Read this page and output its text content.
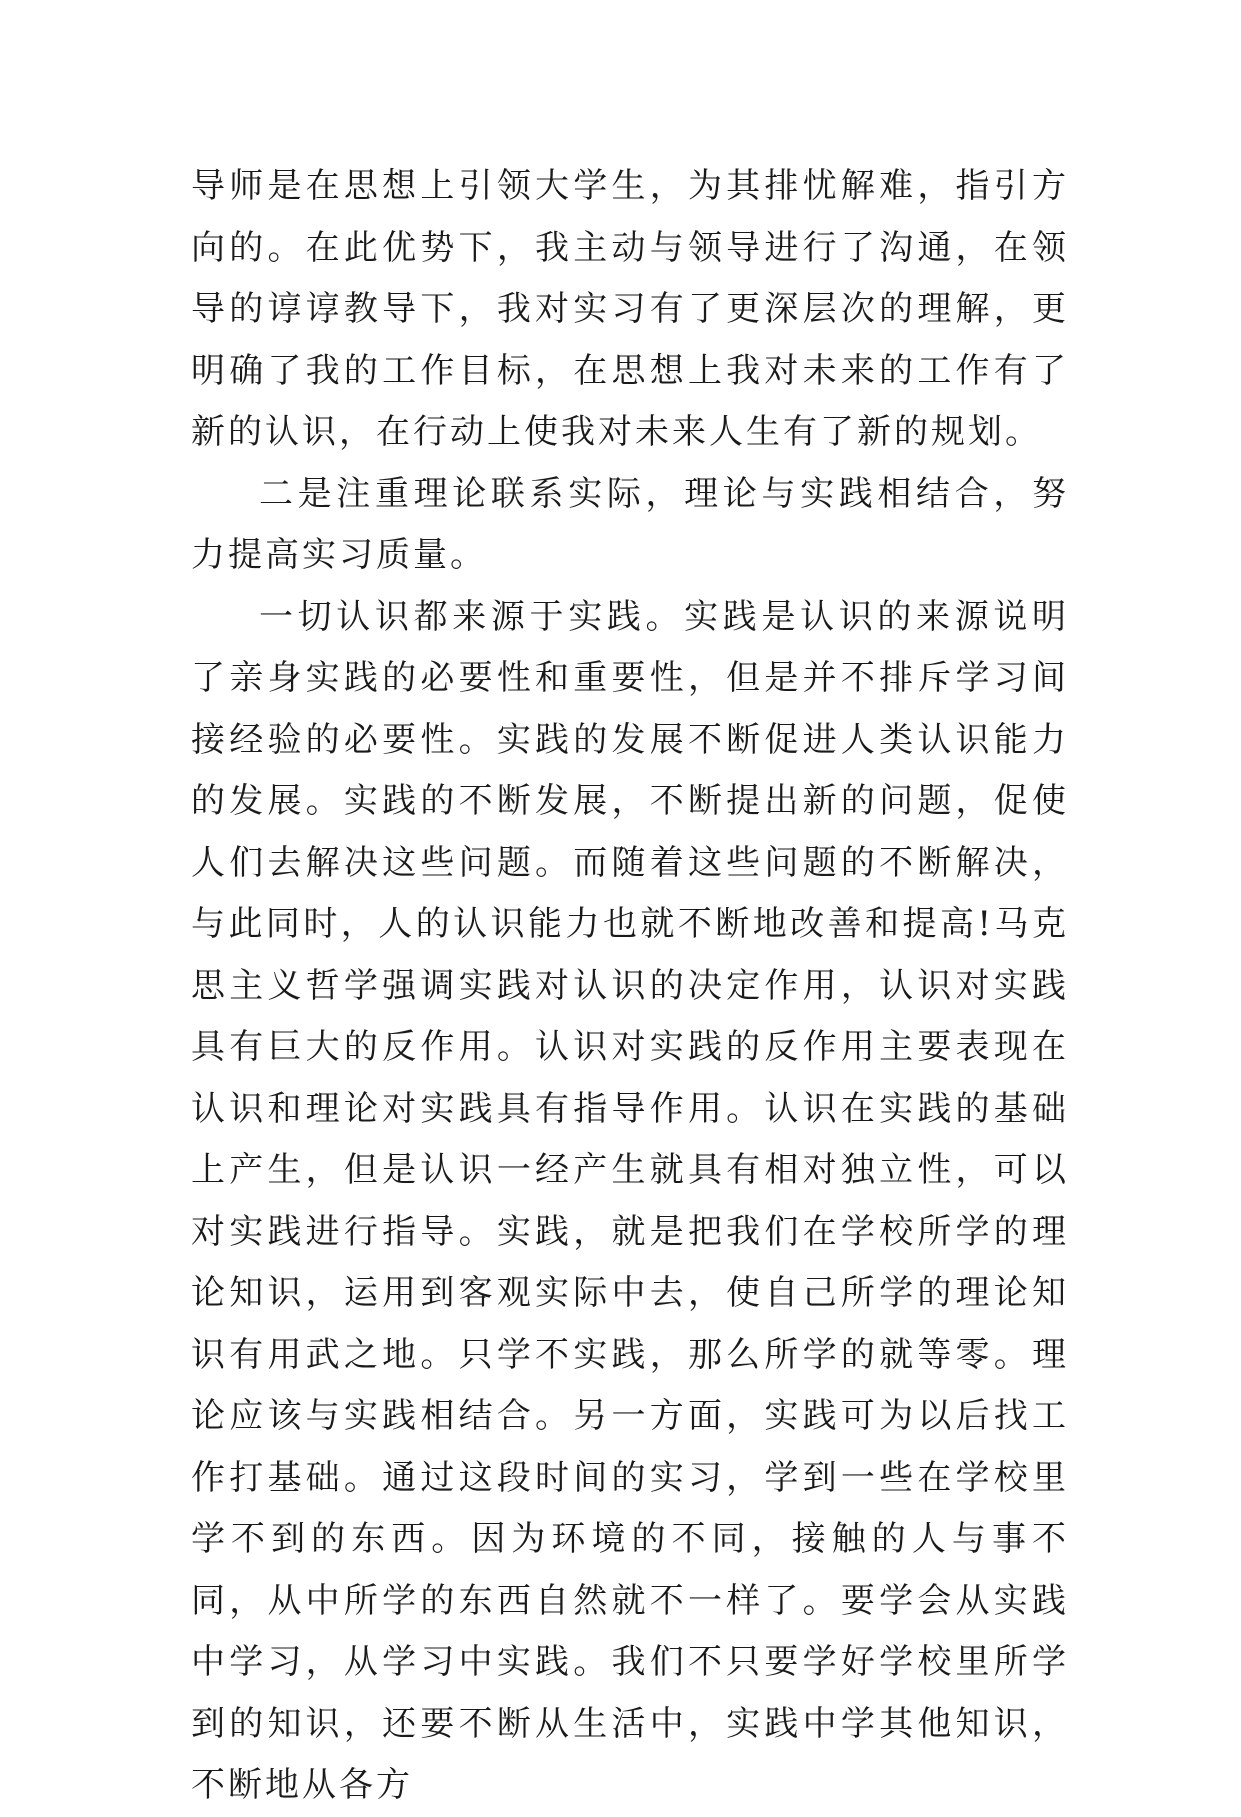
导师是在思想上引领大学生，为其排忧解难，指引方向的。在此优势下，我主动与领导进行了沟通，在领导的谆谆教导下，我对实习有了更深层次的理解，更明确了我的工作目标，在思想上我对未来的工作有了新的认识，在行动上使我对未来人生有了新的规划。

二是注重理论联系实际，理论与实践相结合，努力提高实习质量。

一切认识都来源于实践。实践是认识的来源说明了亲身实践的必要性和重要性，但是并不排斥学习间接经验的必要性。实践的发展不断促进人类认识能力的发展。实践的不断发展，不断提出新的问题，促使人们去解决这些问题。而随着这些问题的不断解决，与此同时，人的认识能力也就不断地改善和提高!马克思主义哲学强调实践对认识的决定作用，认识对实践具有巨大的反作用。认识对实践的反作用主要表现在认识和理论对实践具有指导作用。认识在实践的基础上产生，但是认识一经产生就具有相对独立性，可以对实践进行指导。实践，就是把我们在学校所学的理论知识，运用到客观实际中去，使自己所学的理论知识有用武之地。只学不实践，那么所学的就等零。理论应该与实践相结合。另一方面，实践可为以后找工作打基础。通过这段时间的实习，学到一些在学校里学不到的东西。因为环境的不同，接触的人与事不同，从中所学的东西自然就不一样了。要学会从实践中学习，从学习中实践。我们不只要学好学校里所学到的知识，还要不断从生活中，实践中学其他知识，不断地从各方
